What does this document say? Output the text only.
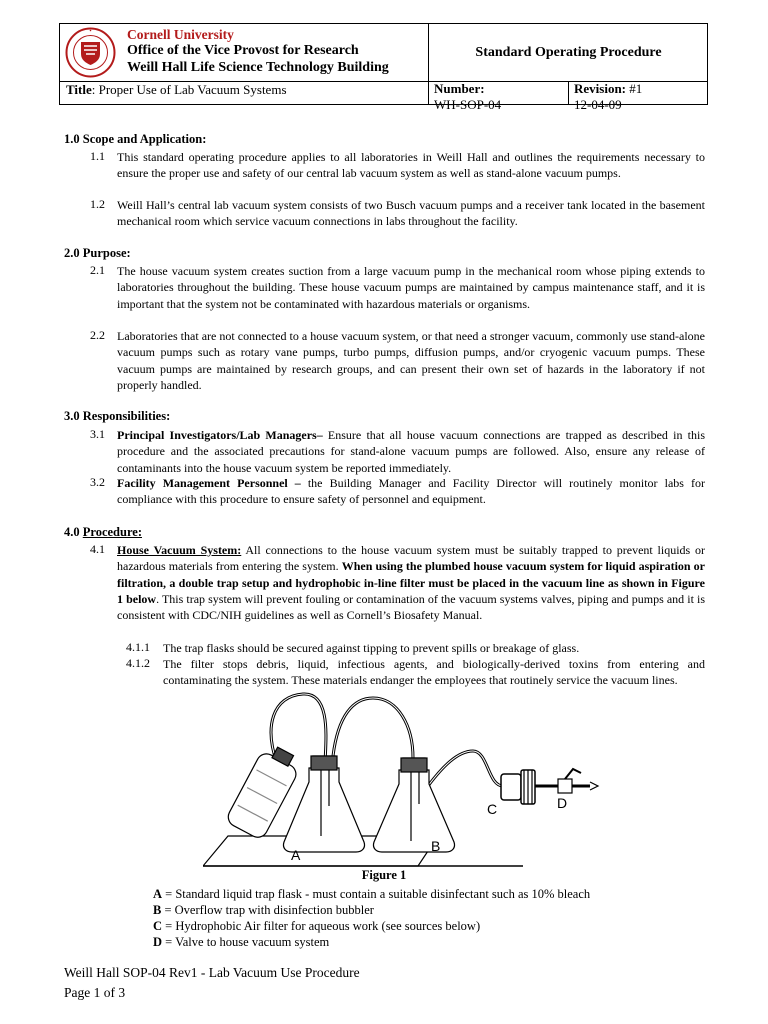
Cornell University
Office of the Vice Provost for Research
Weill Hall Life Science Technology Building
Standard Operating Procedure
Title: Proper Use of Lab Vacuum Systems	Number:
WH-SOP-04
Revision: #1
12-04-09
1.0 Scope and Application:
1.1 This standard operating procedure applies to all laboratories in Weill Hall and outlines the requirements necessary to ensure the proper use and safety of our central lab vacuum system as well as stand-alone vacuum pumps.
1.2 Weill Hall’s central lab vacuum system consists of two Busch vacuum pumps and a receiver tank located in the basement mechanical room which service vacuum connections in labs throughout the facility.
2.0 Purpose:
2.1 The house vacuum system creates suction from a large vacuum pump in the mechanical room whose piping extends to laboratories throughout the building. These house vacuum pumps are maintained by campus maintenance staff, and it is important that the system not be contaminated with hazardous materials or organisms.
2.2 Laboratories that are not connected to a house vacuum system, or that need a stronger vacuum, commonly use stand-alone vacuum pumps such as rotary vane pumps, turbo pumps, diffusion pumps, and/or cryogenic vacuum pumps. These vacuum pumps are maintained by research groups, and can present their own set of hazards in the laboratory if not properly handled.
3.0 Responsibilities:
3.1 Principal Investigators/Lab Managers– Ensure that all house vacuum connections are trapped as described in this procedure and the associated precautions for stand-alone vacuum pumps are followed. Also, ensure any release of contaminants into the house vacuum system be reported immediately.
3.2 Facility Management Personnel – the Building Manager and Facility Director will routinely monitor labs for compliance with this procedure to ensure safety of personnel and equipment.
4.0 Procedure:
4.1 House Vacuum System: All connections to the house vacuum system must be suitably trapped to prevent liquids or hazardous materials from entering the system. When using the plumbed house vacuum system for liquid aspiration or filtration, a double trap setup and hydrophobic in-line filter must be placed in the vacuum line as shown in Figure 1 below. This trap system will prevent fouling or contamination of the vacuum systems valves, piping and pumps and it is consistent with CDC/NIH guidelines as well as Cornell’s Biosafety Manual.
4.1.1 The trap flasks should be secured against tipping to prevent spills or breakage of glass.
4.1.2 The filter stops debris, liquid, infectious agents, and biologically-derived toxins from entering and contaminating the system. These materials endanger the employees that routinely service the vacuum lines.
A
B
C	D
Figure 1
A = Standard liquid trap flask - must contain a suitable disinfectant such as 10% bleach
B = Overflow trap with disinfection bubbler
C = Hydrophobic Air filter for aqueous work (see sources below)
D = Valve to house vacuum system
Weill Hall SOP-04 Rev1 - Lab Vacuum Use Procedure
Page 1 of 3
